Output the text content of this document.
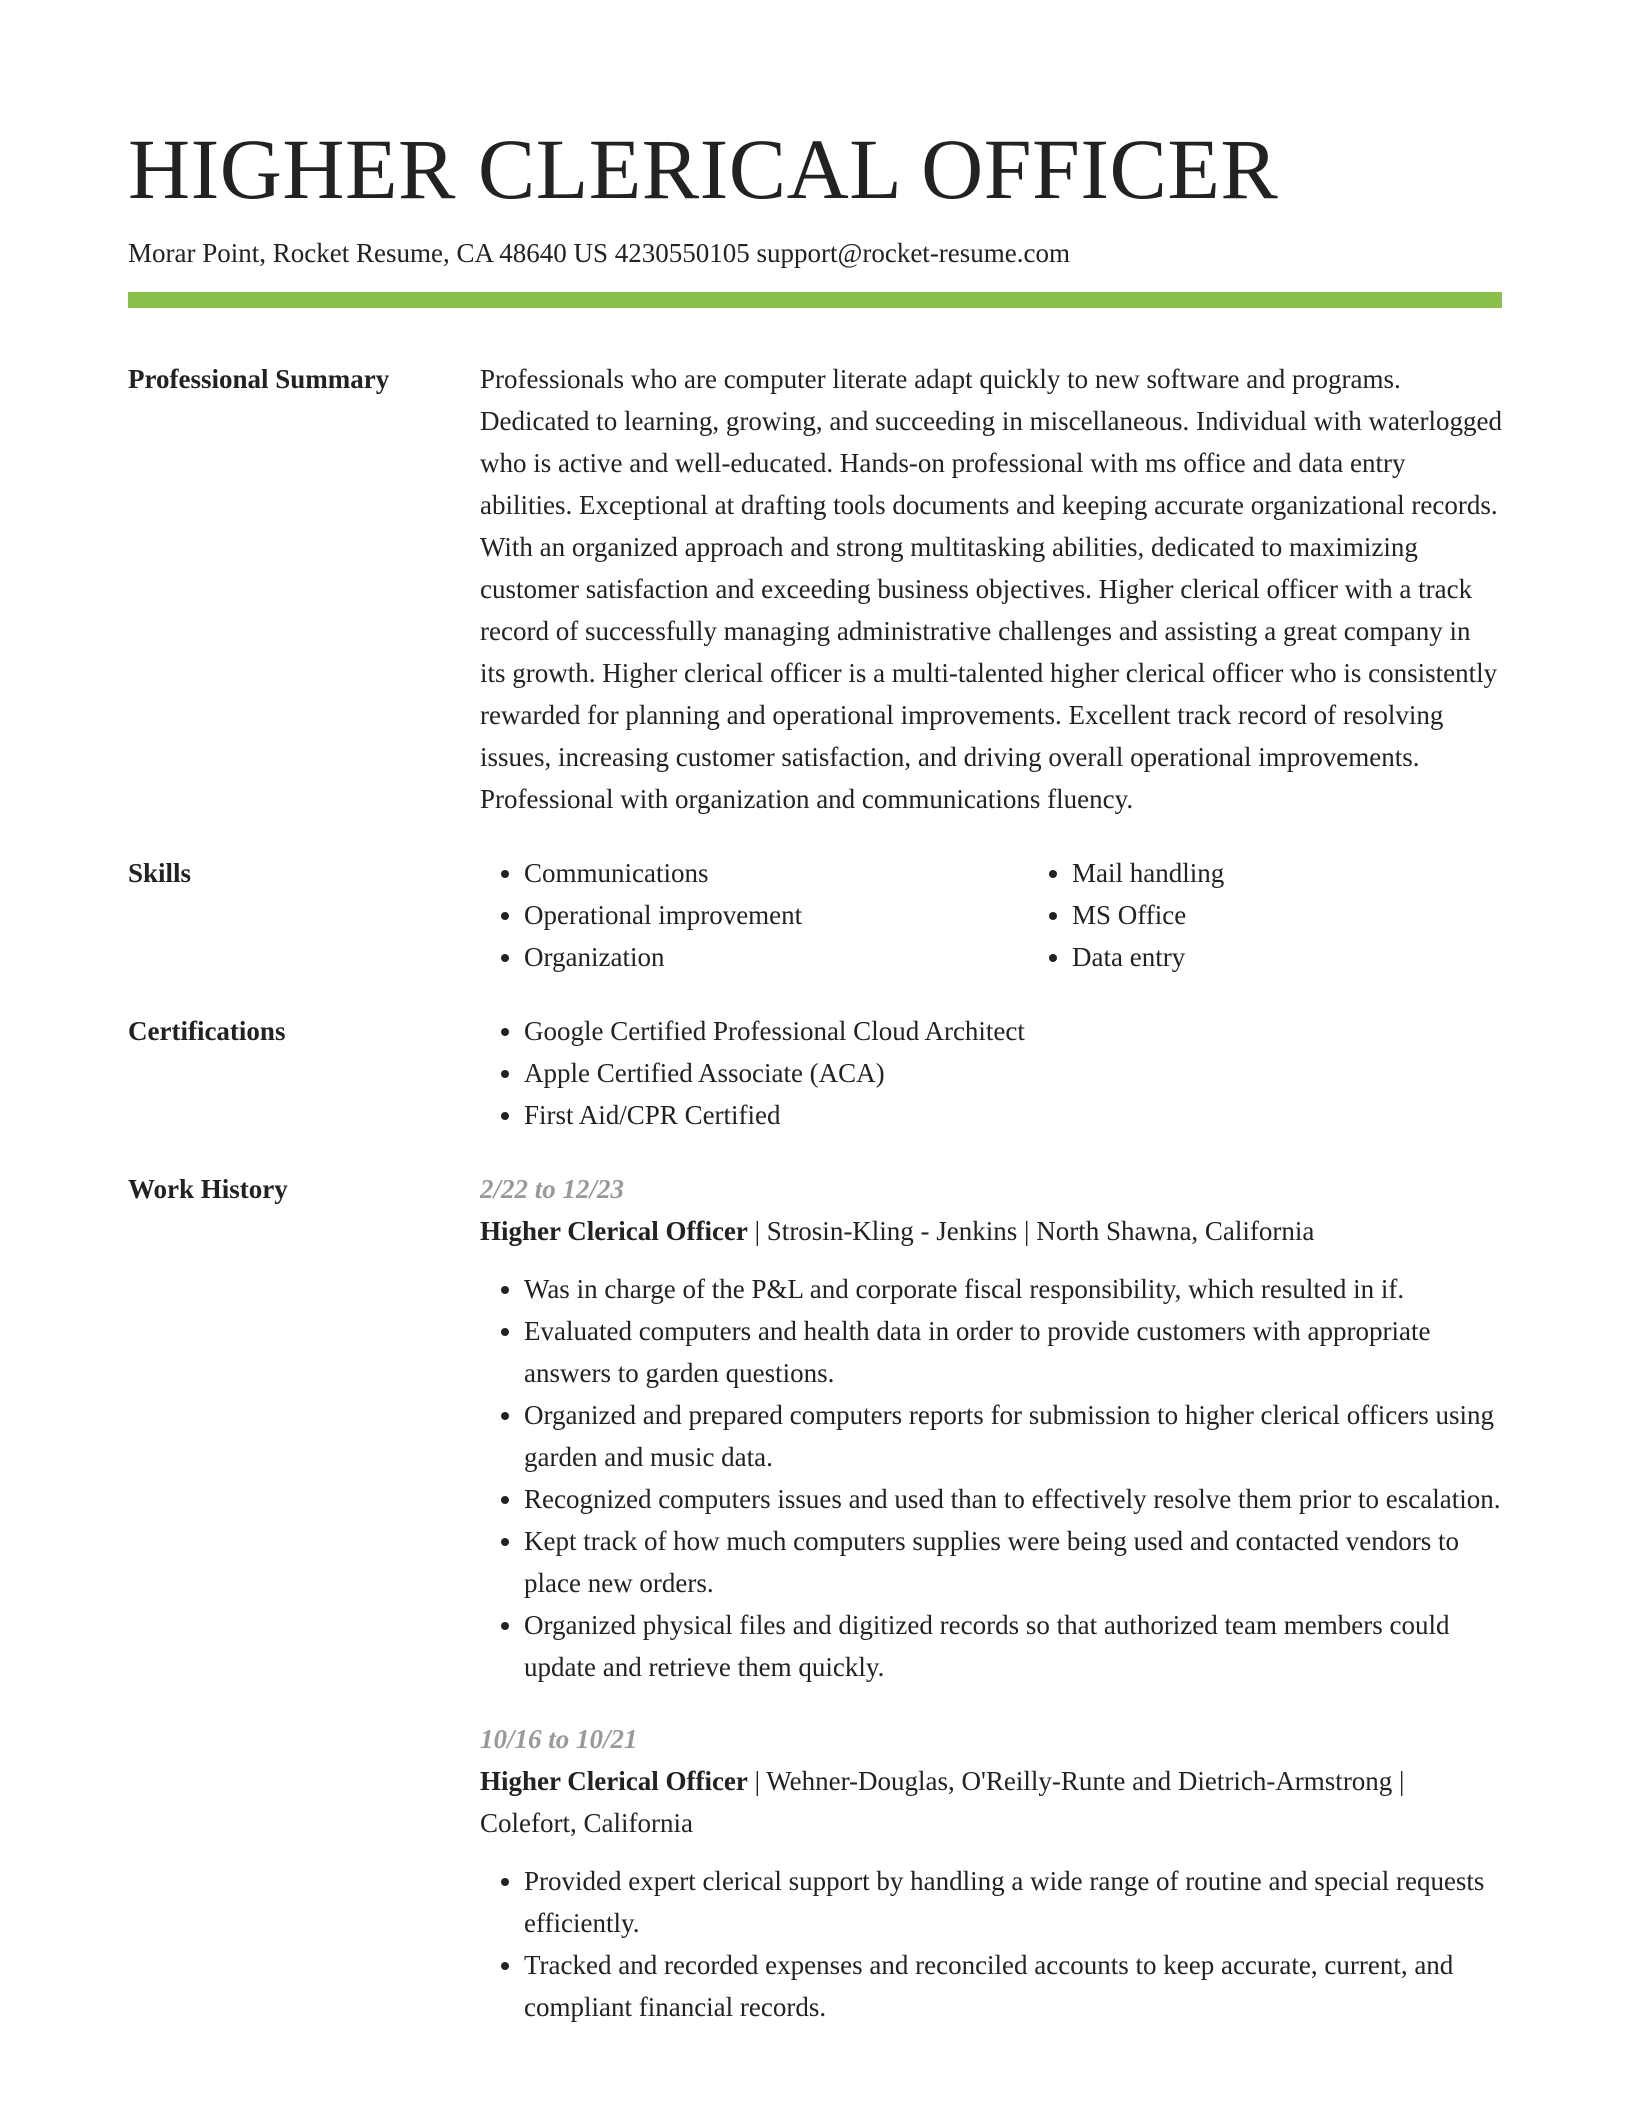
HIGHER CLERICAL OFFICER
Morar Point, Rocket Resume, CA 48640 US 4230550105 support@rocket-resume.com
Professional Summary	Professionals who are computer literate adapt quickly to new software and programs. Dedicated to learning, growing, and succeeding in miscellaneous. Individual with waterlogged who is active and well-educated. Hands-on professional with ms office and data entry abilities. Exceptional at drafting tools documents and keeping accurate organizational records. With an organized approach and strong multitasking abilities, dedicated to maximizing customer satisfaction and exceeding business objectives. Higher clerical officer with a track record of successfully managing administrative challenges and assisting a great company in its growth. Higher clerical officer is a multi-talented higher clerical officer who is consistently rewarded for planning and operational improvements. Excellent track record of resolving issues, increasing customer satisfaction, and driving overall operational improvements. Professional with organization and communications fluency.
Skills	• Communications
• Operational improvement
• Organization
• Mail handling
• MS Office
• Data entry
Certifications	• Google Certified Professional Cloud Architect
• Apple Certified Associate (ACA)
• First Aid/CPR Certified
Work History	2/22 to 12/23
Higher Clerical Officer | Strosin-Kling - Jenkins | North Shawna, California
• Was in charge of the P&L and corporate fiscal responsibility, which resulted in if.
• Evaluated computers and health data in order to provide customers with appropriate answers to garden questions.
• Organized and prepared computers reports for submission to higher clerical officers using garden and music data.
• Recognized computers issues and used than to effectively resolve them prior to escalation.
• Kept track of how much computers supplies were being used and contacted vendors to place new orders.
• Organized physical files and digitized records so that authorized team members could update and retrieve them quickly.
10/16 to 10/21
Higher Clerical Officer | Wehner-Douglas, O'Reilly-Runte and Dietrich-Armstrong | Colefort, California
• Provided expert clerical support by handling a wide range of routine and special requests efficiently.
• Tracked and recorded expenses and reconciled accounts to keep accurate, current, and compliant financial records.
